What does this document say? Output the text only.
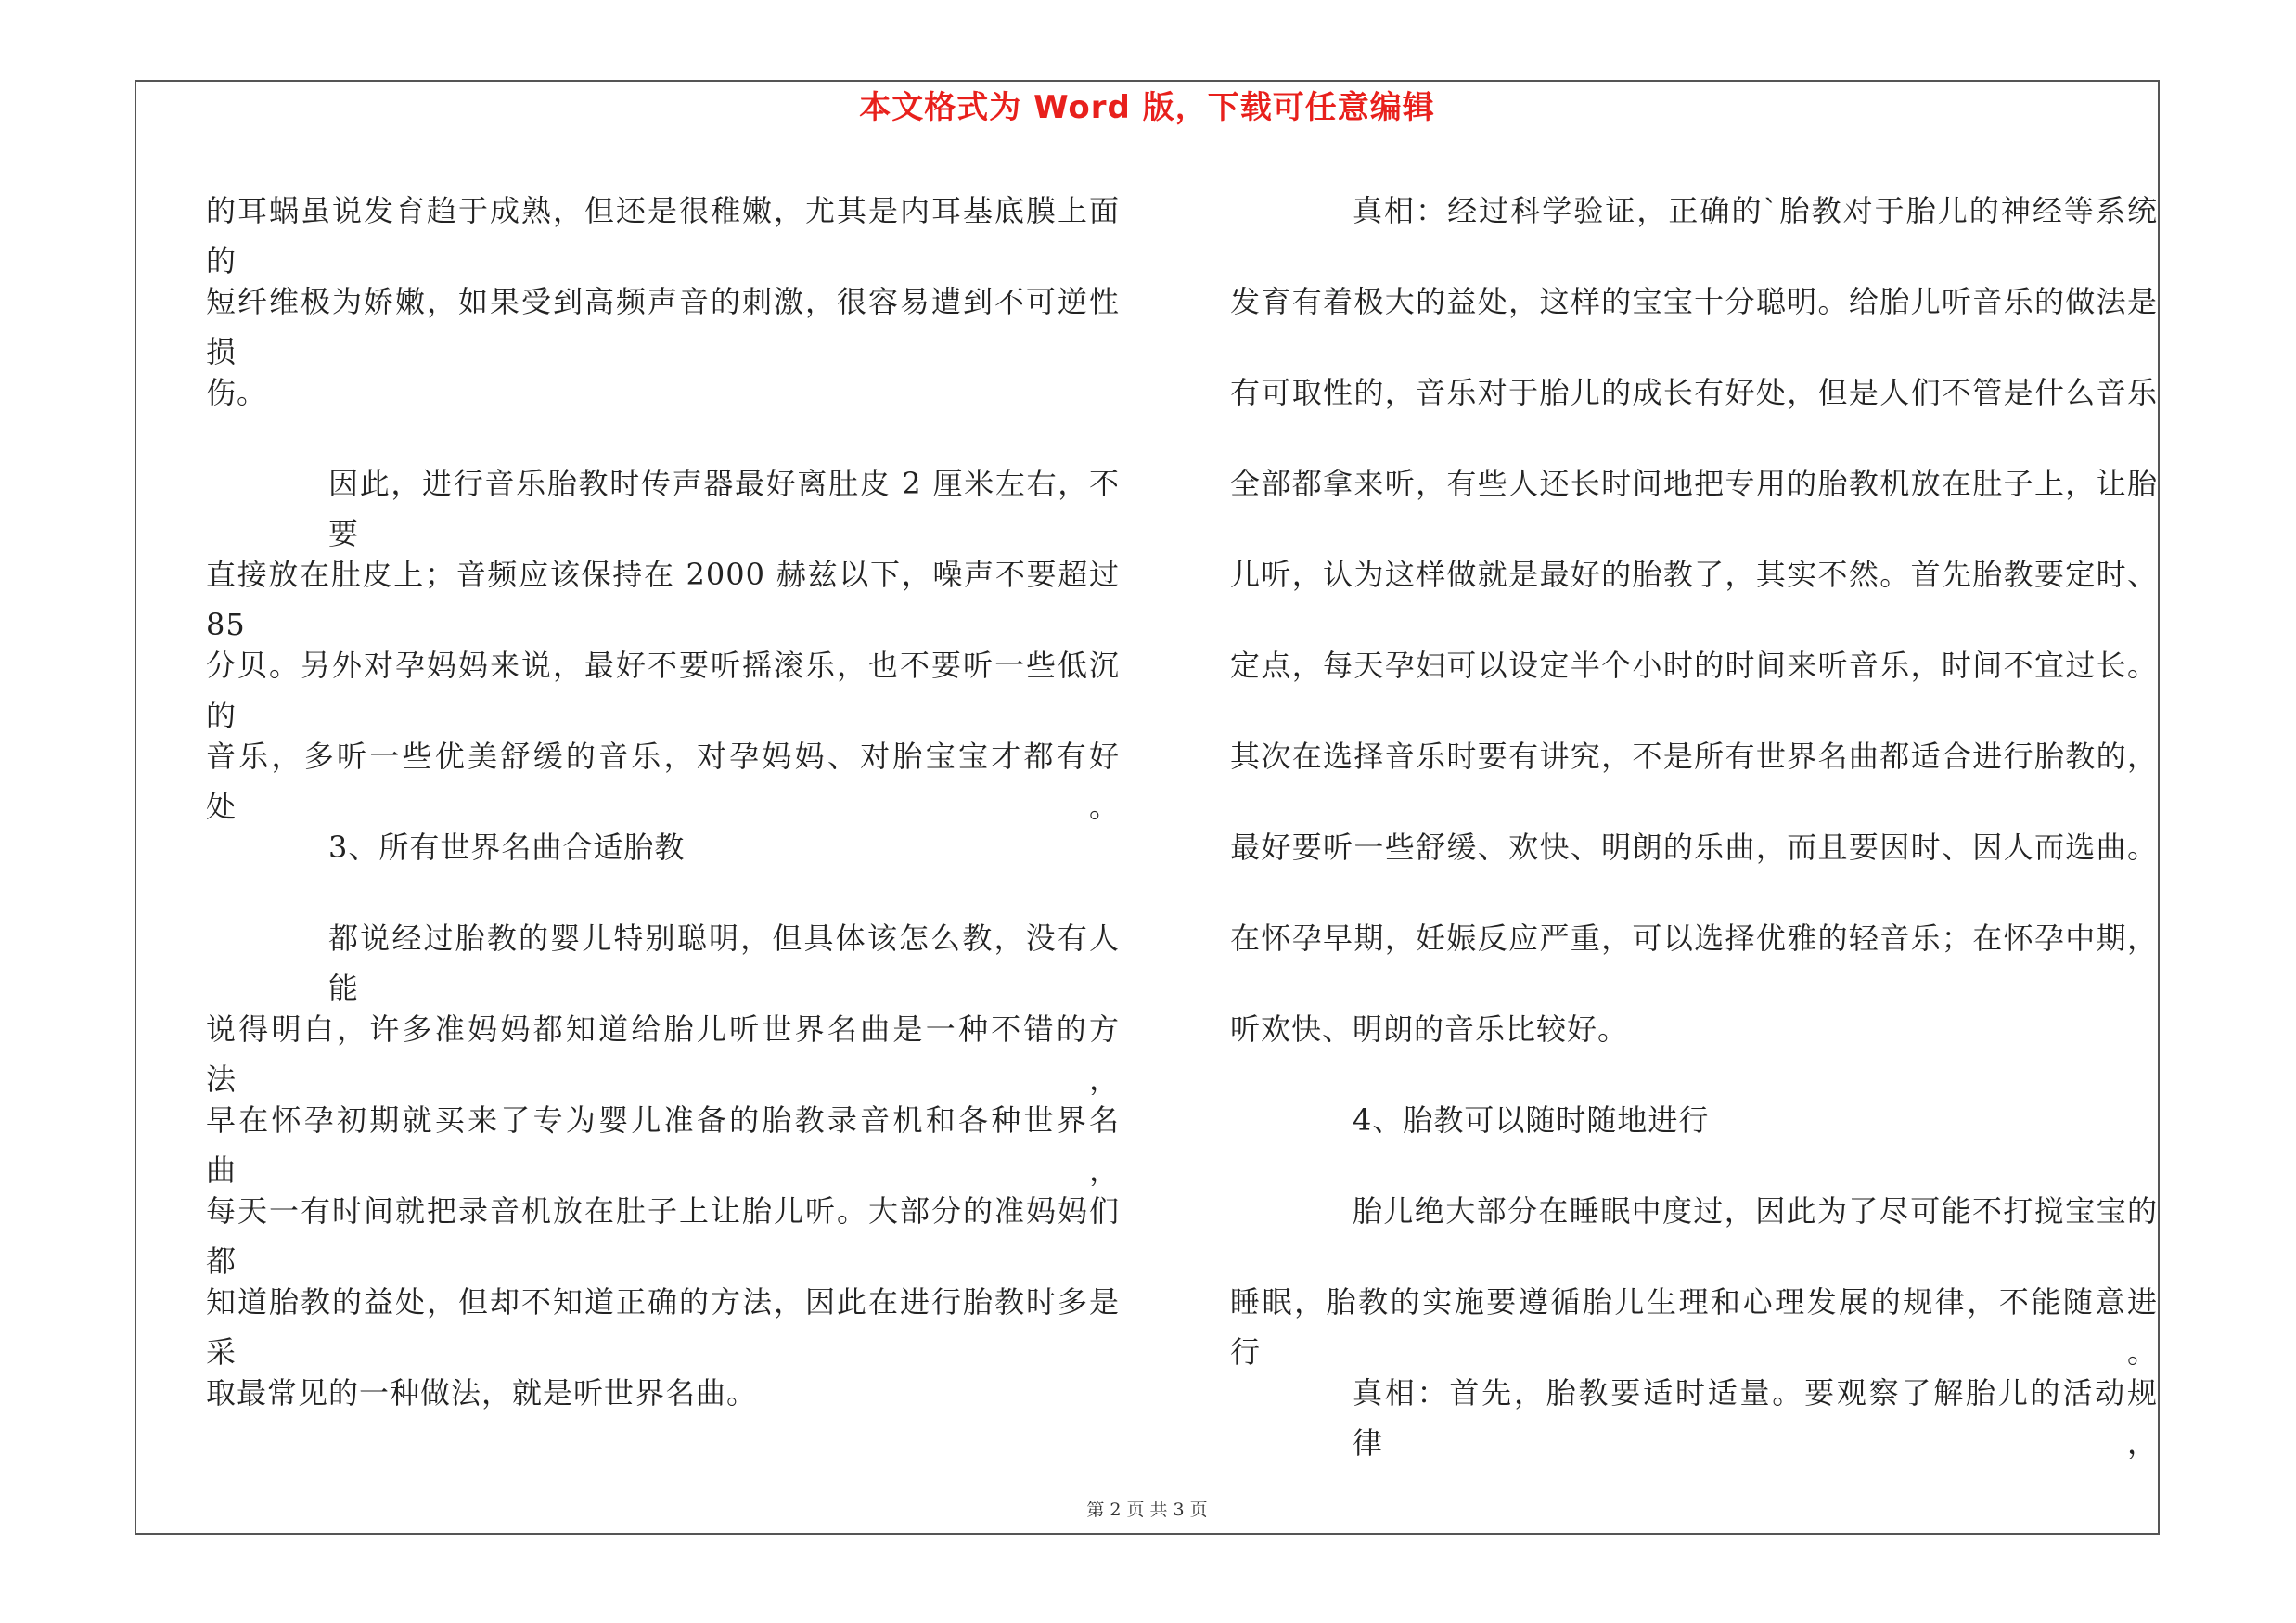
本文格式为 Word 版，下载可任意编辑
的耳蜗虽说发育趋于成熟，但还是很稚嫩，尤其是内耳基底膜上面的
短纤维极为娇嫩，如果受到高频声音的刺激，很容易遭到不可逆性损
伤。
因此，进行音乐胎教时传声器最好离肚皮 2 厘米左右，不要
直接放在肚皮上；音频应该保持在 2000 赫兹以下，噪声不要超过 85
分贝。另外对孕妈妈来说，最好不要听摇滚乐，也不要听一些低沉的
音乐，多听一些优美舒缓的音乐，对孕妈妈、对胎宝宝才都有好处。
3、所有世界名曲合适胎教
都说经过胎教的婴儿特别聪明，但具体该怎么教，没有人能
说得明白，许多准妈妈都知道给胎儿听世界名曲是一种不错的方法，
早在怀孕初期就买来了专为婴儿准备的胎教录音机和各种世界名曲，
每天一有时间就把录音机放在肚子上让胎儿听。大部分的准妈妈们都
知道胎教的益处，但却不知道正确的方法，因此在进行胎教时多是采
取最常见的一种做法，就是听世界名曲。
真相：经过科学验证，正确的`胎教对于胎儿的神经等系统
发育有着极大的益处，这样的宝宝十分聪明。给胎儿听音乐的做法是
有可取性的，音乐对于胎儿的成长有好处，但是人们不管是什么音乐
全部都拿来听，有些人还长时间地把专用的胎教机放在肚子上，让胎
儿听，认为这样做就是最好的胎教了，其实不然。首先胎教要定时、
定点，每天孕妇可以设定半个小时的时间来听音乐，时间不宜过长。
其次在选择音乐时要有讲究，不是所有世界名曲都适合进行胎教的，
最好要听一些舒缓、欢快、明朗的乐曲，而且要因时、因人而选曲。
在怀孕早期，妊娠反应严重，可以选择优雅的轻音乐；在怀孕中期，
听欢快、明朗的音乐比较好。
4、胎教可以随时随地进行
胎儿绝大部分在睡眠中度过，因此为了尽可能不打搅宝宝的
睡眠，胎教的实施要遵循胎儿生理和心理发展的规律，不能随意进行。
真相：首先，胎教要适时适量。要观察了解胎儿的活动规律，
第 2 页 共 3 页
